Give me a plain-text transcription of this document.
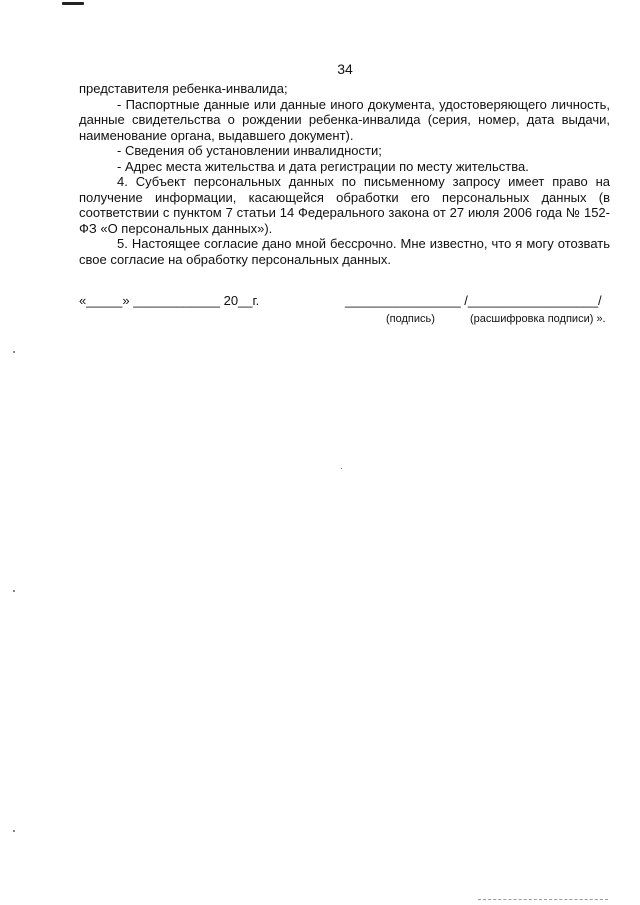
34

представителя ребенка-инвалида;

- Паспортные данные или данные иного документа, удостоверяющего личность, данные свидетельства о рождении ребенка-инвалида (серия, номер, дата выдачи, наименование органа, выдавшего документ).

- Сведения об установлении инвалидности;

- Адрес места жительства и дата регистрации по месту жительства.

4. Субъект персональных данных по письменному запросу имеет право на получение информации, касающейся обработки его персональных данных (в соответствии с пунктом 7 статьи 14 Федерального закона от 27 июля 2006 года № 152-ФЗ «О персональных данных»).

5. Настоящее согласие дано мной бессрочно. Мне известно, что я могу отозвать свое согласие на обработку персональных данных.

«_____» ____________ 20__г.	________________ /__________________/
(подпись)	(расшифровка подписи) ».
